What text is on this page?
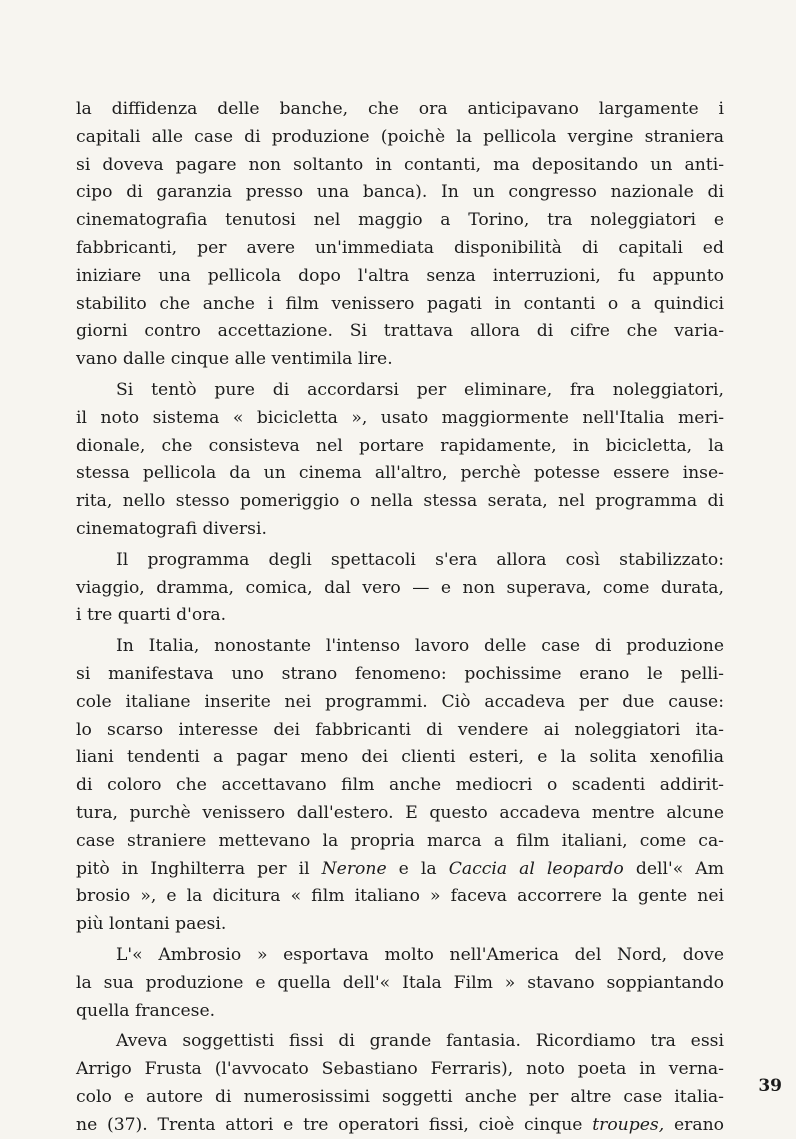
la diffidenza delle banche, che ora anticipavano largamente i
capitali alle case di produzione (poichè la pellicola vergine straniera
si doveva pagare non soltanto in contanti, ma depositando un anti-
cipo di garanzia presso una banca). In un congresso nazionale di
cinematografia tenutosi nel maggio a Torino, tra noleggiatori e
fabbricanti, per avere un'immediata disponibilità di capitali ed
iniziare una pellicola dopo l'altra senza interruzioni, fu appunto
stabilito che anche i film venissero pagati in contanti o a quindici
giorni contro accettazione. Si trattava allora di cifre che varia-
vano dalle cinque alle ventimila lire.

Si tentò pure di accordarsi per eliminare, fra noleggiatori,
il noto sistema « bicicletta », usato maggiormente nell'Italia meri-
dionale, che consisteva nel portare rapidamente, in bicicletta, la
stessa pellicola da un cinema all'altro, perchè potesse essere inse-
rita, nello stesso pomeriggio o nella stessa serata, nel programma di
cinematografi diversi.

Il programma degli spettacoli s'era allora così stabilizzato:
viaggio, dramma, comica, dal vero — e non superava, come durata,
i tre quarti d'ora.

In Italia, nonostante l'intenso lavoro delle case di produzione
si manifestava uno strano fenomeno: pochissime erano le pelli-
cole italiane inserite nei programmi. Ciò accadeva per due cause:
lo scarso interesse dei fabbricanti di vendere ai noleggiatori ita-
liani tendenti a pagar meno dei clienti esteri, e la solita xenofilia
di coloro che accettavano film anche mediocri o scadenti addirit-
tura, purchè venissero dall'estero. E questo accadeva mentre alcune
case straniere mettevano la propria marca a film italiani, come ca-
pitò in Inghilterra per il Nerone e la Caccia al leopardo dell'« Am
brosio », e la dicitura « film italiano » faceva accorrere la gente nei
più lontani paesi.

L'« Ambrosio » esportava molto nell'America del Nord, dove
la sua produzione e quella dell'« Itala Film » stavano soppiantando
quella francese.

Aveva soggettisti fissi di grande fantasia. Ricordiamo tra essi
Arrigo Frusta (l'avvocato Sebastiano Ferraris), noto poeta in verna-
colo e autore di numerosissimi soggetti anche per altre case italia-
ne (37). Trenta attori e tre operatori fissi, cioè cinque troupes, erano

39
